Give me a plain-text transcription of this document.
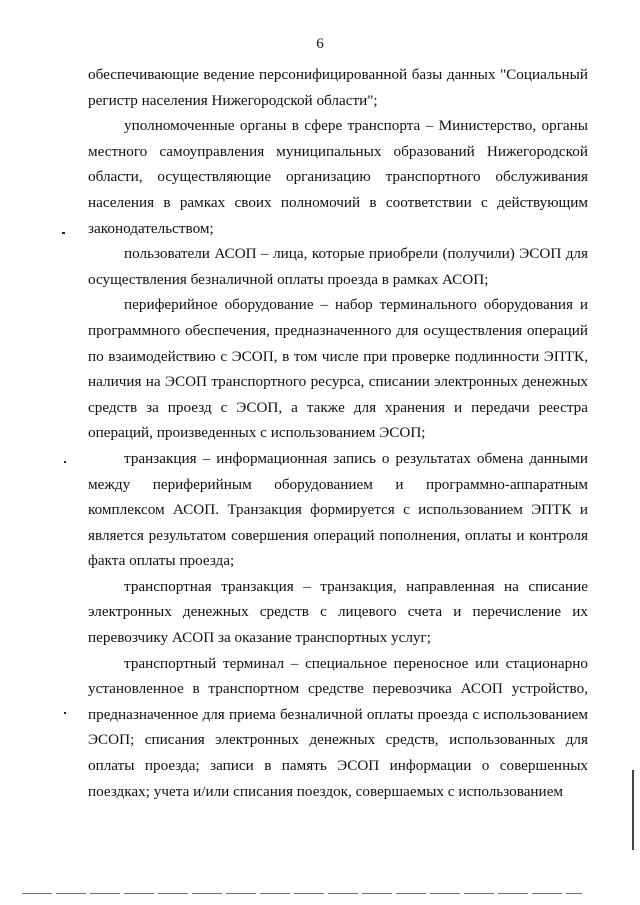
6

обеспечивающие ведение персонифицированной базы данных "Социальный регистр населения Нижегородской области";

уполномоченные органы в сфере транспорта – Министерство, органы местного самоуправления муниципальных образований Нижегородской области, осуществляющие организацию транспортного обслуживания населения в рамках своих полномочий в соответствии с действующим законодательством;

пользователи АСОП – лица, которые приобрели (получили) ЭСОП для осуществления безналичной оплаты проезда в рамках АСОП;

периферийное оборудование – набор терминального оборудования и программного обеспечения, предназначенного для осуществления операций по взаимодействию с ЭСОП, в том числе при проверке подлинности ЭПТК, наличия на ЭСОП транспортного ресурса, списании электронных денежных средств за проезд с ЭСОП, а также для хранения и передачи реестра операций, произведенных с использованием ЭСОП;

транзакция – информационная запись о результатах обмена данными между периферийным оборудованием и программно-аппаратным комплексом АСОП. Транзакция формируется с использованием ЭПТК и является результатом совершения операций пополнения, оплаты и контроля факта оплаты проезда;

транспортная транзакция – транзакция, направленная на списание электронных денежных средств с лицевого счета и перечисление их перевозчику АСОП за оказание транспортных услуг;

транспортный терминал – специальное переносное или стационарно установленное в транспортном средстве перевозчика АСОП устройство, предназначенное для приема безналичной оплаты проезда с использованием ЭСОП; списания электронных денежных средств, использованных для оплаты проезда; записи в память ЭСОП информации о совершенных поездках; учета и/или списания поездок, совершаемых с использованием
